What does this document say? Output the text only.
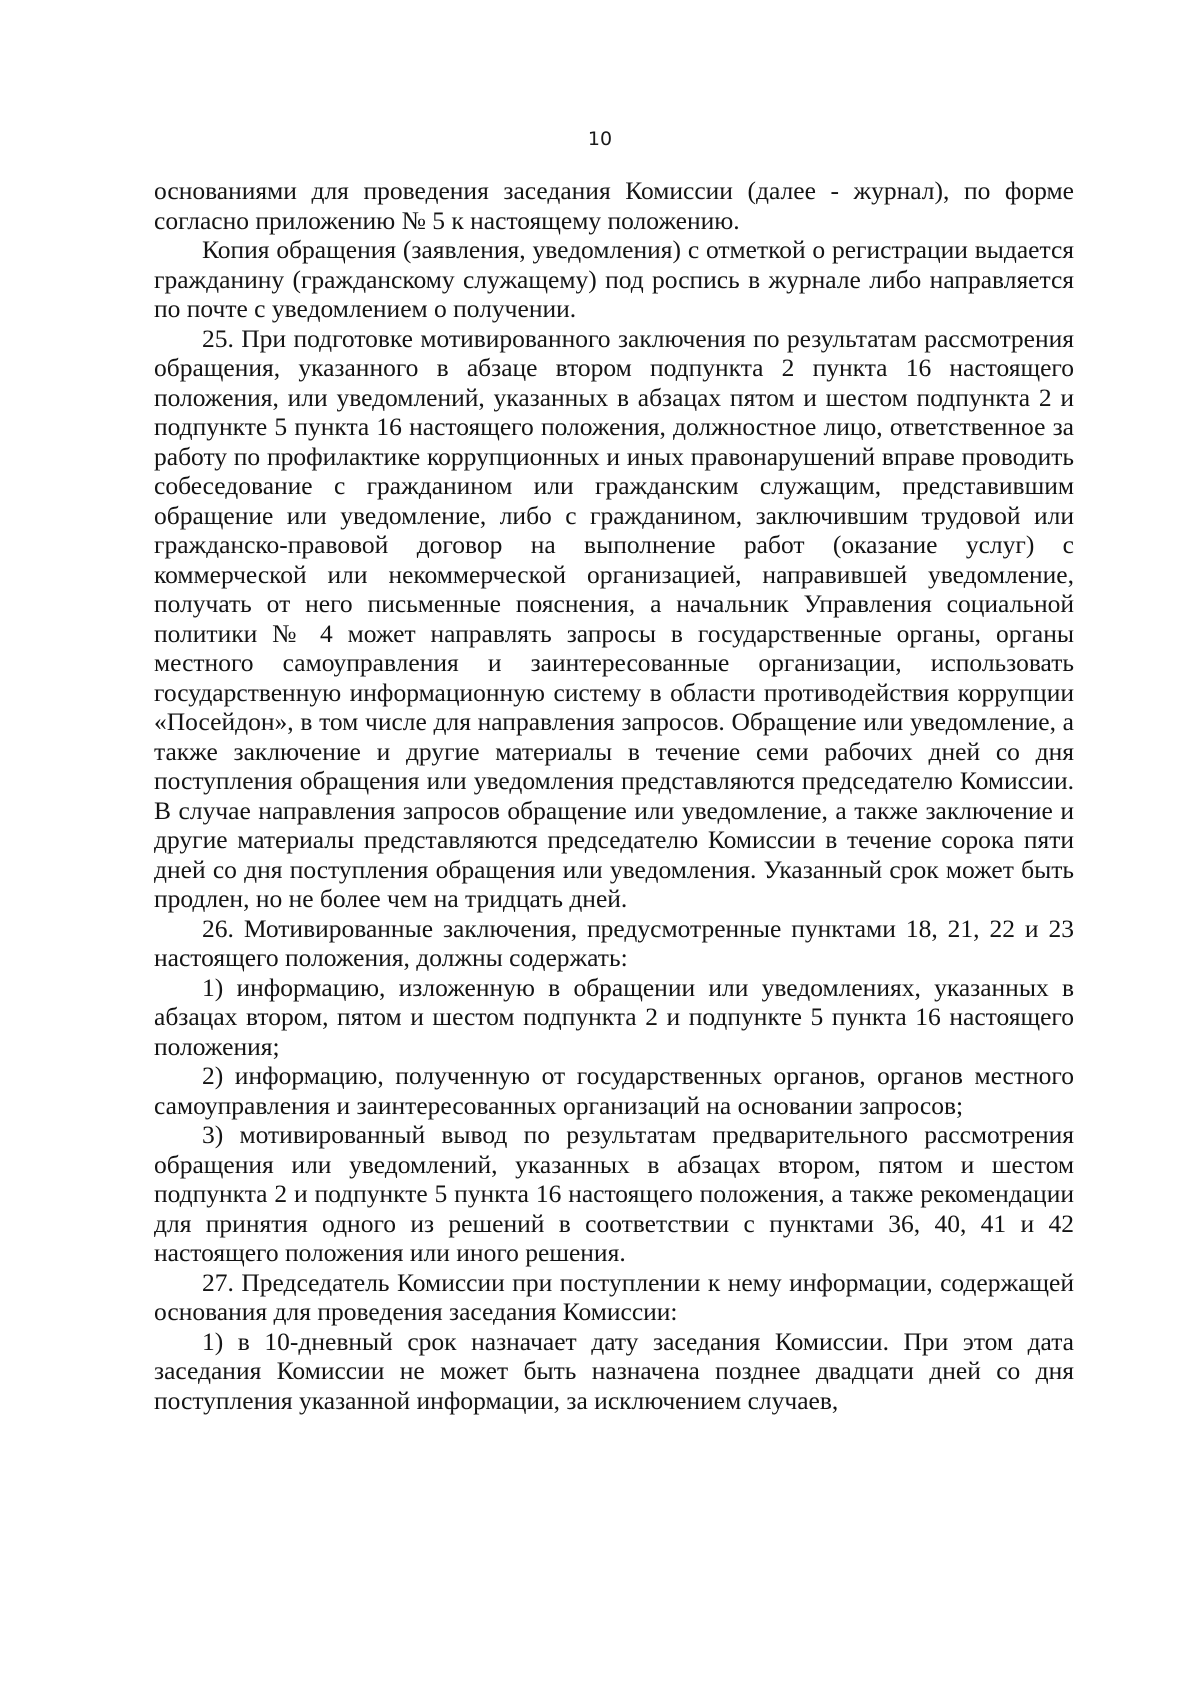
10

основаниями для проведения заседания Комиссии (далее - журнал), по форме согласно приложению № 5 к настоящему положению.

Копия обращения (заявления, уведомления) с отметкой о регистрации выдается гражданину (гражданскому служащему) под роспись в журнале либо направляется по почте с уведомлением о получении.

25. При подготовке мотивированного заключения по результатам рассмотрения обращения, указанного в абзаце втором подпункта 2 пункта 16 настоящего положения, или уведомлений, указанных в абзацах пятом и шестом подпункта 2 и подпункте 5 пункта 16 настоящего положения, должностное лицо, ответственное за работу по профилактике коррупционных и иных правонарушений вправе проводить собеседование с гражданином или гражданским служащим, представившим обращение или уведомление, либо с гражданином, заключившим трудовой или гражданско-правовой договор на выполнение работ (оказание услуг) с коммерческой или некоммерческой организацией, направившей уведомление, получать от него письменные пояснения, а начальник Управления социальной политики № 4 может направлять запросы в государственные органы, органы местного самоуправления и заинтересованные организации, использовать государственную информационную систему в области противодействия коррупции «Посейдон», в том числе для направления запросов. Обращение или уведомление, а также заключение и другие материалы в течение семи рабочих дней со дня поступления обращения или уведомления представляются председателю Комиссии. В случае направления запросов обращение или уведомление, а также заключение и другие материалы представляются председателю Комиссии в течение сорока пяти дней со дня поступления обращения или уведомления. Указанный срок может быть продлен, но не более чем на тридцать дней.

26. Мотивированные заключения, предусмотренные пунктами 18, 21, 22 и 23 настоящего положения, должны содержать:

1) информацию, изложенную в обращении или уведомлениях, указанных в абзацах втором, пятом и шестом подпункта 2 и подпункте 5 пункта 16 настоящего положения;

2) информацию, полученную от государственных органов, органов местного самоуправления и заинтересованных организаций на основании запросов;

3) мотивированный вывод по результатам предварительного рассмотрения обращения или уведомлений, указанных в абзацах втором, пятом и шестом подпункта 2 и подпункте 5 пункта 16 настоящего положения, а также рекомендации для принятия одного из решений в соответствии с пунктами 36, 40, 41 и 42 настоящего положения или иного решения.

27. Председатель Комиссии при поступлении к нему информации, содержащей основания для проведения заседания Комиссии:

1) в 10-дневный срок назначает дату заседания Комиссии. При этом дата заседания Комиссии не может быть назначена позднее двадцати дней со дня поступления указанной информации, за исключением случаев,
